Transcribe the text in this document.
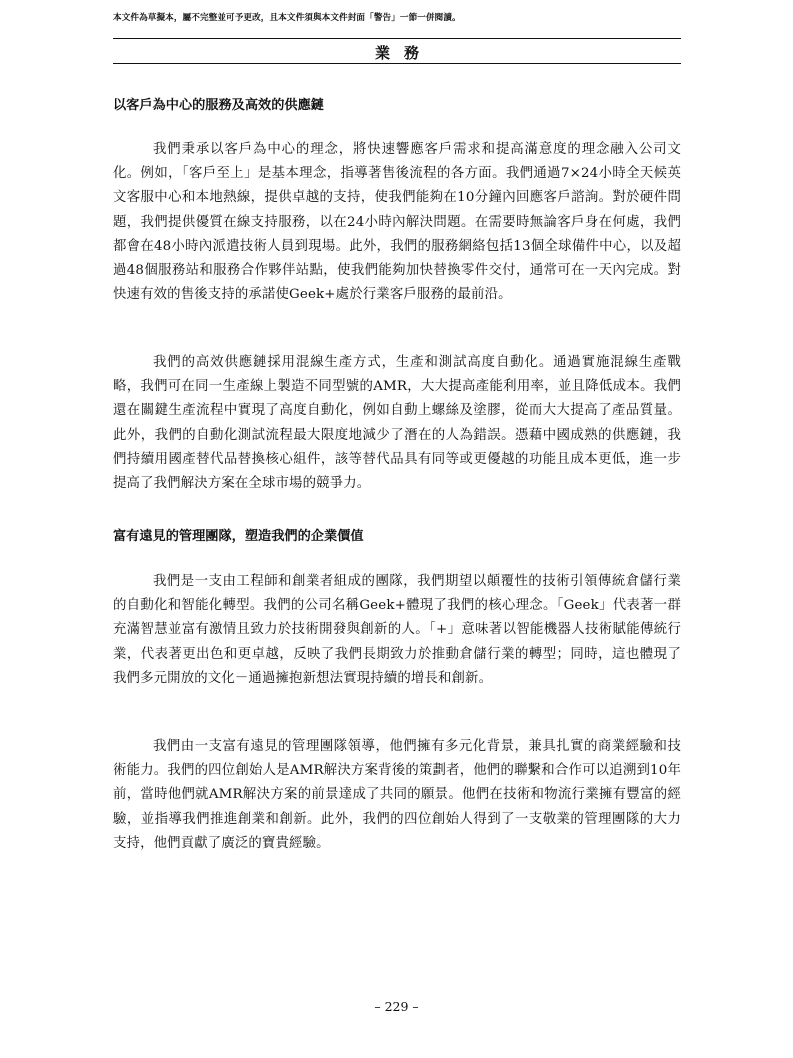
本文件為草擬本，屬不完整並可予更改，且本文件須與本文件封面「警告」一節一併閱讀。
業務
以客戶為中心的服務及高效的供應鏈
我們秉承以客戶為中心的理念，將快速響應客戶需求和提高滿意度的理念融入公司文化。例如，「客戶至上」是基本理念，指導著售後流程的各方面。我們通過7×24小時全天候英文客服中心和本地熱線，提供卓越的支持，使我們能夠在10分鐘內回應客戶諮詢。對於硬件問題，我們提供優質在線支持服務，以在24小時內解決問題。在需要時無論客戶身在何處，我們都會在48小時內派遣技術人員到現場。此外，我們的服務網絡包括13個全球備件中心，以及超過48個服務站和服務合作夥伴站點，使我們能夠加快替換零件交付，通常可在一天內完成。對快速有效的售後支持的承諾使Geek+處於行業客戶服務的最前沿。
我們的高效供應鏈採用混線生產方式，生產和測試高度自動化。通過實施混線生產戰略，我們可在同一生產線上製造不同型號的AMR，大大提高產能利用率，並且降低成本。我們還在關鍵生產流程中實現了高度自動化，例如自動上螺絲及塗膠，從而大大提高了產品質量。此外，我們的自動化測試流程最大限度地減少了潛在的人為錯誤。憑藉中國成熟的供應鏈，我們持續用國產替代品替換核心組件，該等替代品具有同等或更優越的功能且成本更低，進一步提高了我們解決方案在全球市場的競爭力。
富有遠見的管理團隊，塑造我們的企業價值
我們是一支由工程師和創業者組成的團隊，我們期望以顛覆性的技術引領傳統倉儲行業的自動化和智能化轉型。我們的公司名稱Geek+體現了我們的核心理念。「Geek」代表著一群充滿智慧並富有激情且致力於技術開發與創新的人。「+」意味著以智能機器人技術賦能傳統行業，代表著更出色和更卓越，反映了我們長期致力於推動倉儲行業的轉型；同時，這也體現了我們多元開放的文化－通過擁抱新想法實現持續的增長和創新。
我們由一支富有遠見的管理團隊領導，他們擁有多元化背景，兼具扎實的商業經驗和技術能力。我們的四位創始人是AMR解決方案背後的策劃者，他們的聯繫和合作可以追溯到10年前，當時他們就AMR解決方案的前景達成了共同的願景。他們在技術和物流行業擁有豐富的經驗，並指導我們推進創業和創新。此外，我們的四位創始人得到了一支敬業的管理團隊的大力支持，他們貢獻了廣泛的寶貴經驗。
– 229 –
